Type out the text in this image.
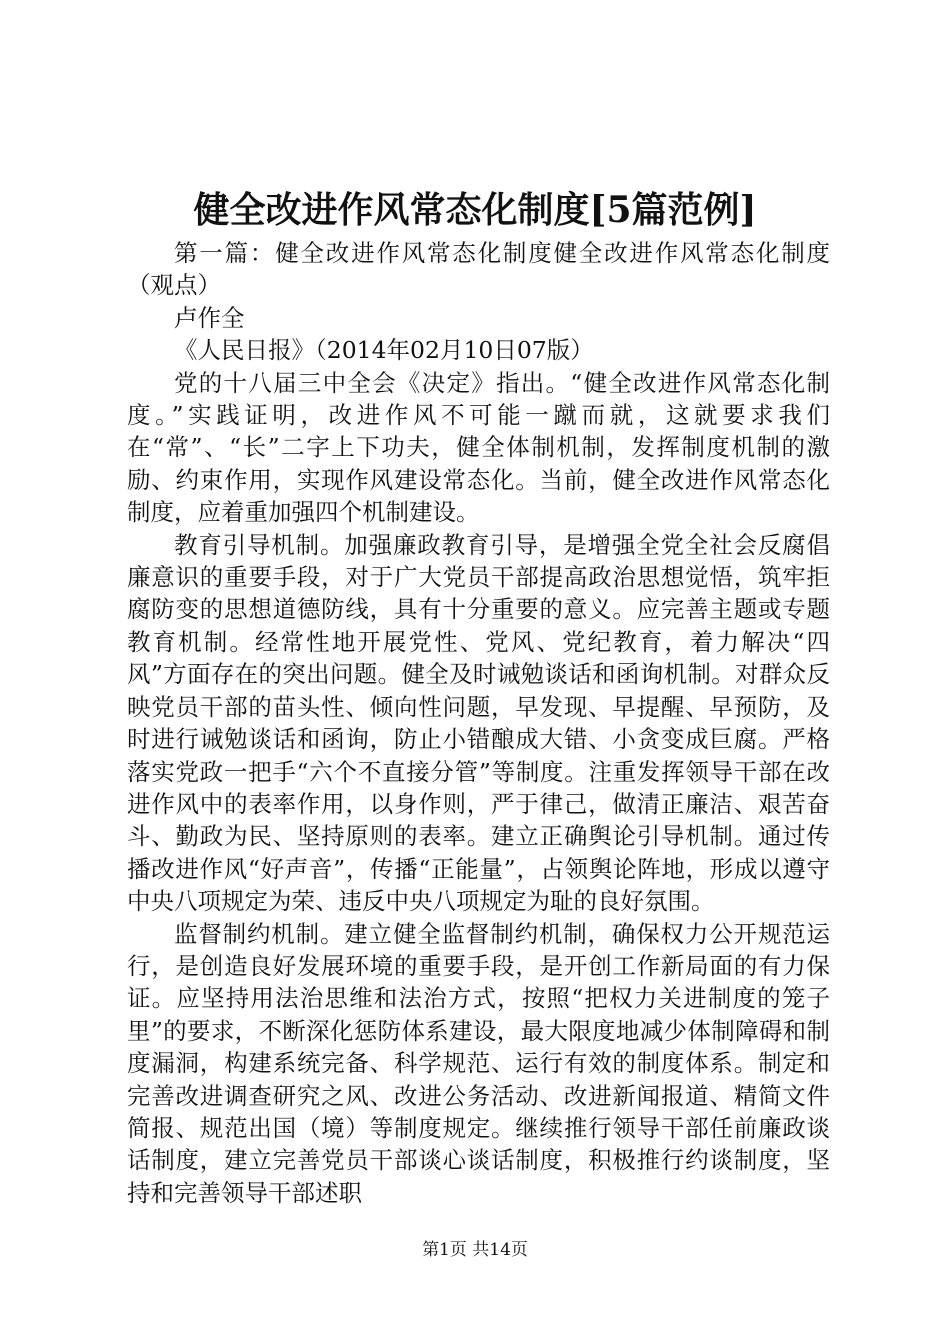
健全改进作风常态化制度[5篇范例]

第一篇：健全改进作风常态化制度健全改进作风常态化制度（观点）

卢作全

《人民日报》（2014年02月10日07版）

党的十八届三中全会《决定》指出。“健全改进作风常态化制度。”实践证明，改进作风不可能一蹴而就，这就要求我们在“常”、“长”二字上下功夫，健全体制机制，发挥制度机制的激励、约束作用，实现作风建设常态化。当前，健全改进作风常态化制度，应着重加强四个机制建设。

教育引导机制。加强廉政教育引导，是增强全党全社会反腐倡廉意识的重要手段，对于广大党员干部提高政治思想觉悟，筑牢拒腐防变的思想道德防线，具有十分重要的意义。应完善主题或专题教育机制。经常性地开展党性、党风、党纪教育，着力解决“四风”方面存在的突出问题。健全及时诫勉谈话和函询机制。对群众反映党员干部的苗头性、倾向性问题，早发现、早提醒、早预防，及时进行诫勉谈话和函询，防止小错酿成大错、小贪变成巨腐。严格落实党政一把手“六个不直接分管”等制度。注重发挥领导干部在改进作风中的表率作用，以身作则，严于律己，做清正廉洁、艰苦奋斗、勤政为民、坚持原则的表率。建立正确舆论引导机制。通过传播改进作风“好声音”，传播“正能量”，占领舆论阵地，形成以遵守中央八项规定为荣、违反中央八项规定为耻的良好氛围。

监督制约机制。建立健全监督制约机制，确保权力公开规范运行，是创造良好发展环境的重要手段，是开创工作新局面的有力保证。应坚持用法治思维和法治方式，按照“把权力关进制度的笼子里”的要求，不断深化惩防体系建设，最大限度地减少体制障碍和制度漏洞，构建系统完备、科学规范、运行有效的制度体系。制定和完善改进调查研究之风、改进公务活动、改进新闻报道、精简文件简报、规范出国（境）等制度规定。继续推行领导干部任前廉政谈话制度，建立完善党员干部谈心谈话制度，积极推行约谈制度，坚持和完善领导干部述职

第1页 共14页
